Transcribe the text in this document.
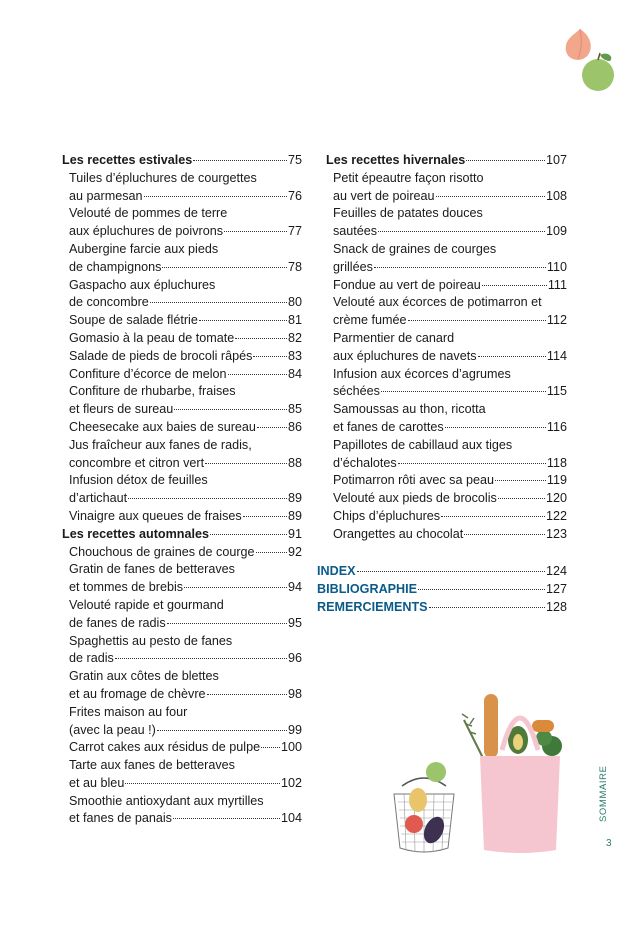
Les recettes estivales	75
Tuiles d’épluchures de courgettes
au parmesan	76
Velouté de pommes de terre
aux épluchures de poivrons	77
Aubergine farcie aux pieds
de champignons	78
Gaspacho aux épluchures
de concombre	80
Soupe de salade flétrie	81
Gomasio à la peau de tomate	82
Salade de pieds de brocoli râpés	83
Confiture d’écorce de melon	84
Confiture de rhubarbe, fraises
et fleurs de sureau	85
Cheesecake aux baies de sureau	86
Jus fraîcheur aux fanes de radis,
concombre et citron vert	88
Infusion détox de feuilles
d’artichaut	89
Vinaigre aux queues de fraises	89
Les recettes automnales	91
Chouchous de graines de courge	92
Gratin de fanes de betteraves
et tommes de brebis	94
Velouté rapide et gourmand
de fanes de radis	95
Spaghettis au pesto de fanes
de radis	96
Gratin aux côtes de blettes
et au fromage de chèvre	98
Frites maison au four
(avec la peau !)	99
Carrot cakes aux résidus de pulpe 100
Tarte aux fanes de betteraves
et au bleu	102
Smoothie antioxydant aux myrtilles
et fanes de panais	104
Les recettes hivernales	107
Petit épeautre façon risotto
au vert de poireau	108
Feuilles de patates douces
sautées	109
Snack de graines de courges
grillées	110
Fondue au vert de poireau	111
Velouté aux écorces de potimarron et
crème fumée	112
Parmentier de canard
aux épluchures de navets	114
Infusion aux écorces d’agrumes
séchées	115
Samoussas au thon, ricotta
et fanes de carottes	116
Papillotes de cabillaud aux tiges
d’échalotes	118
Potimarron rôti avec sa peau	119
Velouté aux pieds de brocolis	120
Chips d’épluchures	122
Orangettes au chocolat	123
INDEX	124
BIBLIOGRAPHIE	127
REMERCIEMENTS	128
SOMMAIRE
3
